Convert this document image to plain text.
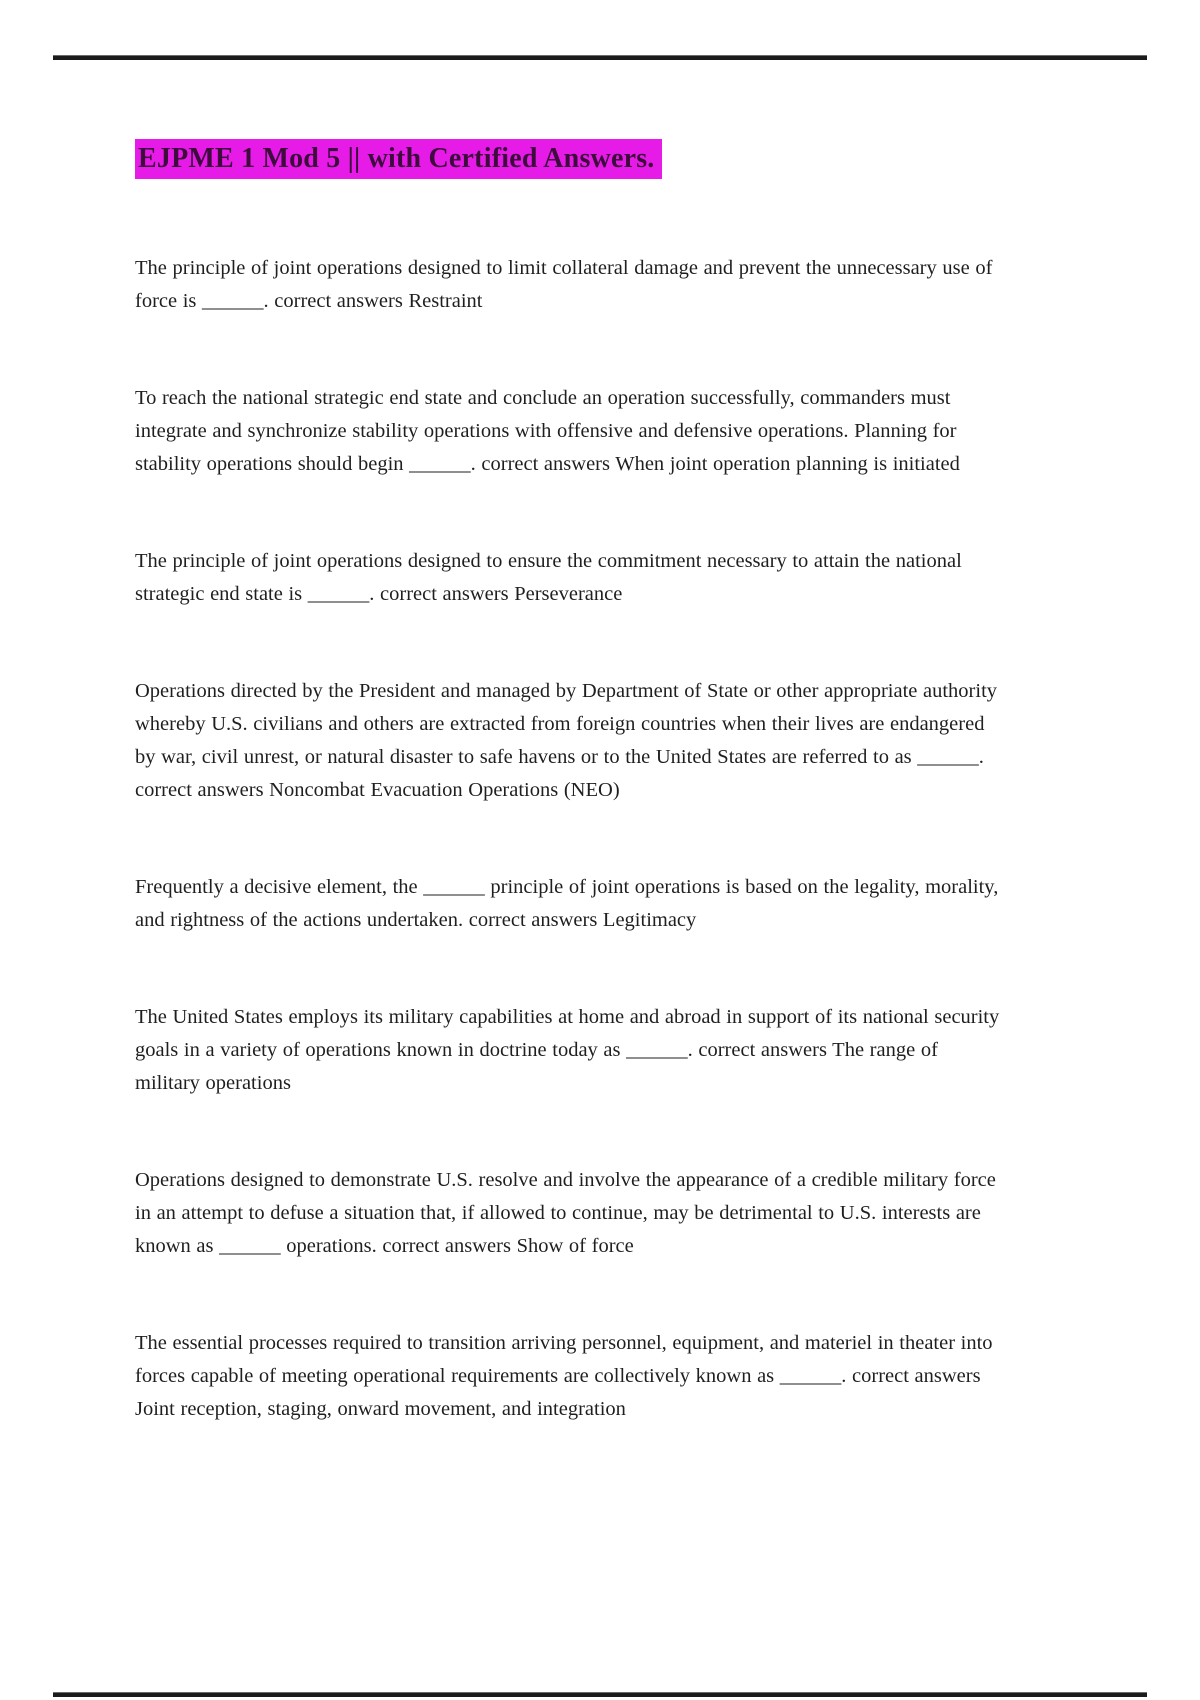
EJPME 1 Mod 5 || with Certified Answers.

The principle of joint operations designed to limit collateral damage and prevent the unnecessary use of force is ______. correct answers Restraint

To reach the national strategic end state and conclude an operation successfully, commanders must integrate and synchronize stability operations with offensive and defensive operations. Planning for stability operations should begin ______. correct answers When joint operation planning is initiated

The principle of joint operations designed to ensure the commitment necessary to attain the national strategic end state is ______. correct answers Perseverance

Operations directed by the President and managed by Department of State or other appropriate authority whereby U.S. civilians and others are extracted from foreign countries when their lives are endangered by war, civil unrest, or natural disaster to safe havens or to the United States are referred to as ______. correct answers Noncombat Evacuation Operations (NEO)

Frequently a decisive element, the ______ principle of joint operations is based on the legality, morality, and rightness of the actions undertaken. correct answers Legitimacy

The United States employs its military capabilities at home and abroad in support of its national security goals in a variety of operations known in doctrine today as ______. correct answers The range of military operations

Operations designed to demonstrate U.S. resolve and involve the appearance of a credible military force in an attempt to defuse a situation that, if allowed to continue, may be detrimental to U.S. interests are known as ______ operations. correct answers Show of force

The essential processes required to transition arriving personnel, equipment, and materiel in theater into forces capable of meeting operational requirements are collectively known as ______. correct answers Joint reception, staging, onward movement, and integration
